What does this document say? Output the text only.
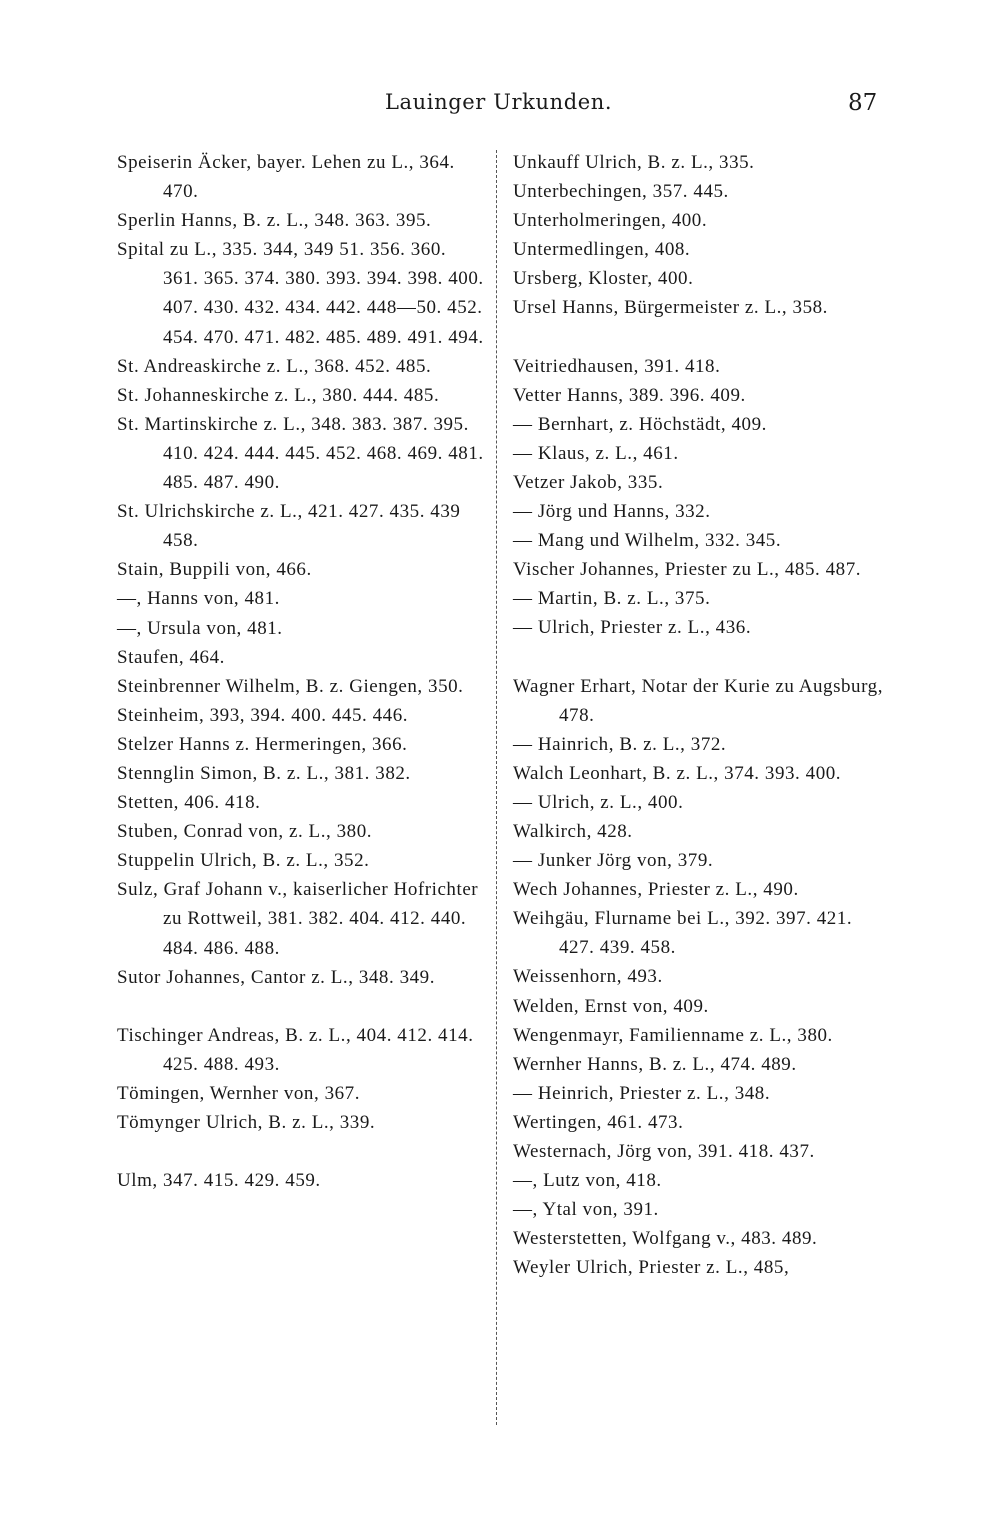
Lauinger Urkunden.	87

Speiserin Äcker, bayer. Lehen zu L., 364. 470.

Sperlin Hanns, B. z. L., 348. 363. 395.

Spital zu L., 335. 344, 349 51. 356. 360. 361. 365. 374. 380. 393. 394. 398. 400. 407. 430. 432. 434. 442. 448—50. 452. 454. 470. 471. 482. 485. 489. 491. 494.

St. Andreaskirche z. L., 368. 452. 485.

St. Johanneskirche z. L., 380. 444. 485.

St. Martinskirche z. L., 348. 383. 387. 395. 410. 424. 444. 445. 452. 468. 469. 481. 485. 487. 490.

St. Ulrichskirche z. L., 421. 427. 435. 439 458.

Stain, Buppili von, 466.

—, Hanns von, 481.

—, Ursula von, 481.

Staufen, 464.

Steinbrenner Wilhelm, B. z. Giengen, 350.

Steinheim, 393, 394. 400. 445. 446.

Stelzer Hanns z. Hermeringen, 366.

Stennglin Simon, B. z. L., 381. 382.

Stetten, 406. 418.

Stuben, Conrad von, z. L., 380.

Stuppelin Ulrich, B. z. L., 352.

Sulz, Graf Johann v., kaiserlicher Hofrichter zu Rottweil, 381. 382. 404. 412. 440. 484. 486. 488.

Sutor Johannes, Cantor z. L., 348. 349.

Tischinger Andreas, B. z. L., 404. 412. 414. 425. 488. 493.

Tömingen, Wernher von, 367.

Tömynger Ulrich, B. z. L., 339.

Ulm, 347. 415. 429. 459.

Unkauff Ulrich, B. z. L., 335.

Unterbechingen, 357. 445.

Unterholmeringen, 400.

Untermedlingen, 408.

Ursberg, Kloster, 400.

Ursel Hanns, Bürgermeister z. L., 358.

Veitriedhausen, 391. 418.

Vetter Hanns, 389. 396. 409.

— Bernhart, z. Höchstädt, 409.

— Klaus, z. L., 461.

Vetzer Jakob, 335.

— Jörg und Hanns, 332.

— Mang und Wilhelm, 332. 345.

Vischer Johannes, Priester zu L., 485. 487.

— Martin, B. z. L., 375.

— Ulrich, Priester z. L., 436.

Wagner Erhart, Notar der Kurie zu Augsburg, 478.

— Hainrich, B. z. L., 372.

Walch Leonhart, B. z. L., 374. 393. 400.

— Ulrich, z. L., 400.

Walkirch, 428.

— Junker Jörg von, 379.

Wech Johannes, Priester z. L., 490.

Weihgäu, Flurname bei L., 392. 397. 421. 427. 439. 458.

Weissenhorn, 493.

Welden, Ernst von, 409.

Wengenmayr, Familienname z. L., 380.

Wernher Hanns, B. z. L., 474. 489.

— Heinrich, Priester z. L., 348.

Wertingen, 461. 473.

Westernach, Jörg von, 391. 418. 437.

—, Lutz von, 418.

—, Ytal von, 391.

Westerstetten, Wolfgang v., 483. 489.

Weyler Ulrich, Priester z. L., 485,
